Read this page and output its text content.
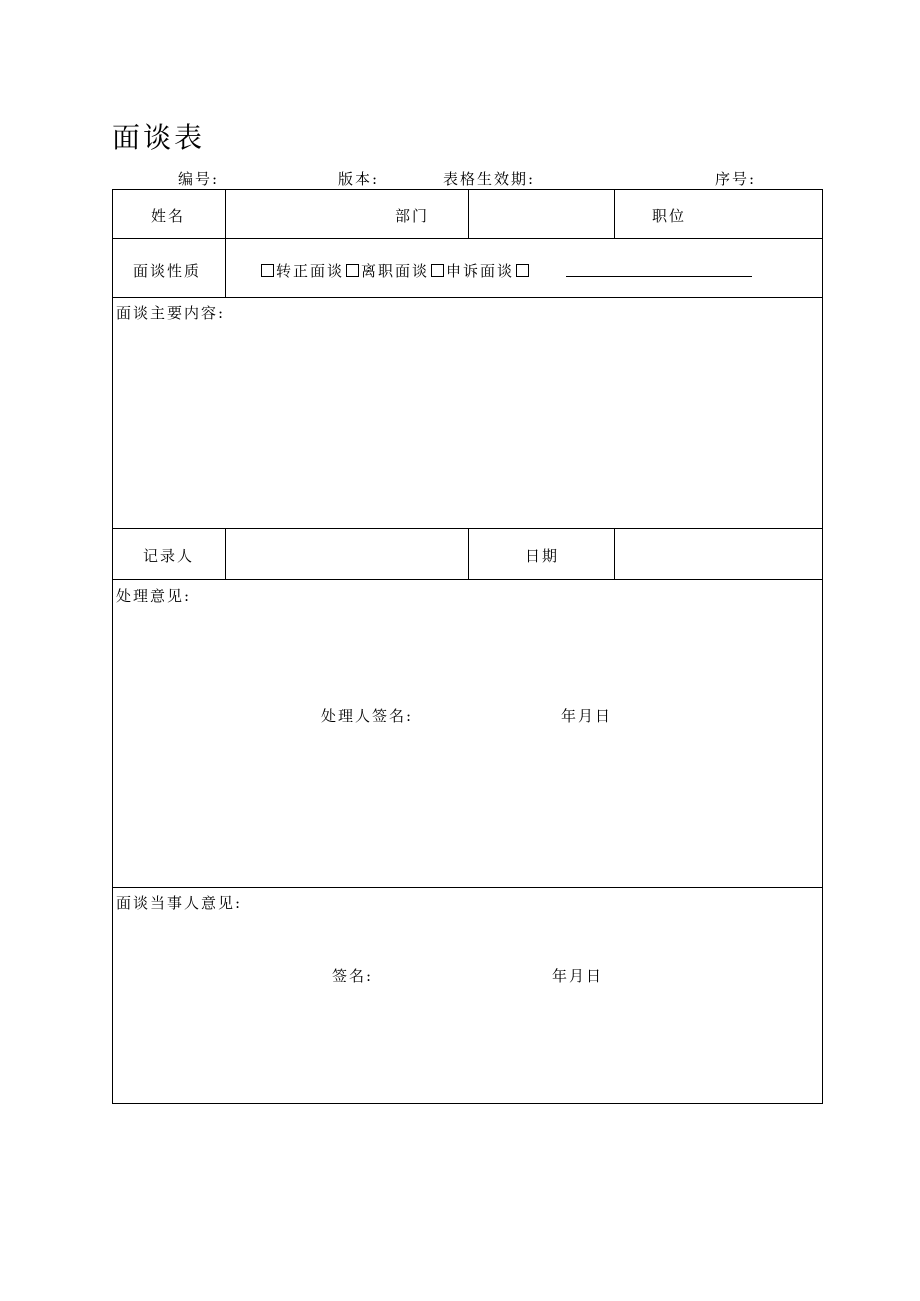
面谈表
编号:	版本:	表格生效期:	序号:
姓名	部门	职位
面谈性质	转正面谈 离职面谈 申诉面谈
面谈主要内容:
记录人	日期
处理意见:
处理人签名:	年月日
面谈当事人意见:
签名:	年月日
